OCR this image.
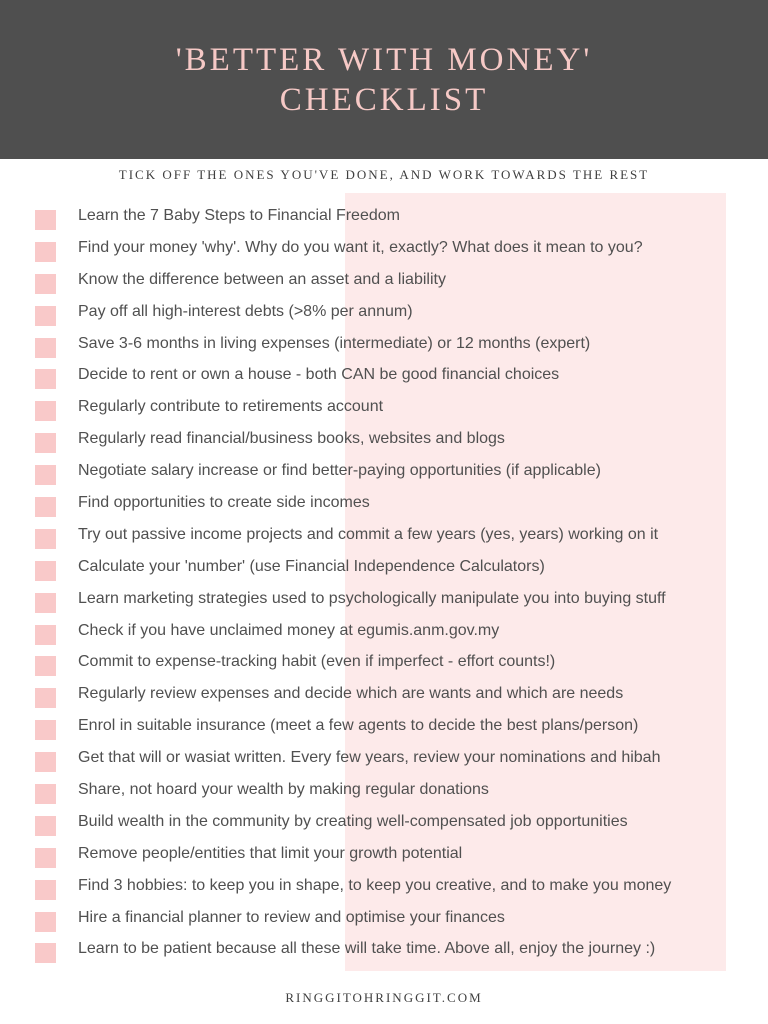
'BETTER WITH MONEY'
CHECKLIST
TICK OFF THE ONES YOU'VE DONE, AND WORK TOWARDS THE REST
Learn the 7 Baby Steps to Financial Freedom
Find your money 'why'. Why do you want it, exactly? What does it mean to you?
Know the difference between an asset and a liability
Pay off all high-interest debts (>8% per annum)
Save 3-6 months in living expenses (intermediate) or 12 months (expert)
Decide to rent or own a house - both CAN be good financial choices
Regularly contribute to retirements account
Regularly read financial/business books, websites and blogs
Negotiate salary increase or find better-paying opportunities (if applicable)
Find opportunities to create side incomes
Try out passive income projects and commit a few years (yes, years) working on it
Calculate your 'number' (use Financial Independence Calculators)
Learn marketing strategies used to psychologically manipulate you into buying stuff
Check if you have unclaimed money at egumis.anm.gov.my
Commit to expense-tracking habit (even if imperfect - effort counts!)
Regularly review expenses and decide which are wants and which are needs
Enrol in suitable insurance (meet a few agents to decide the best plans/person)
Get that will or wasiat written. Every few years, review your nominations and hibah
Share, not hoard your wealth by making regular donations
Build wealth in the community by creating well-compensated job opportunities
Remove people/entities that limit your growth potential
Find 3 hobbies: to keep you in shape, to keep you creative, and to make you money
Hire a financial planner to review and optimise your finances
Learn to be patient because all these will take time. Above all, enjoy the journey :)
RINGGITOHRINGGIT.COM
